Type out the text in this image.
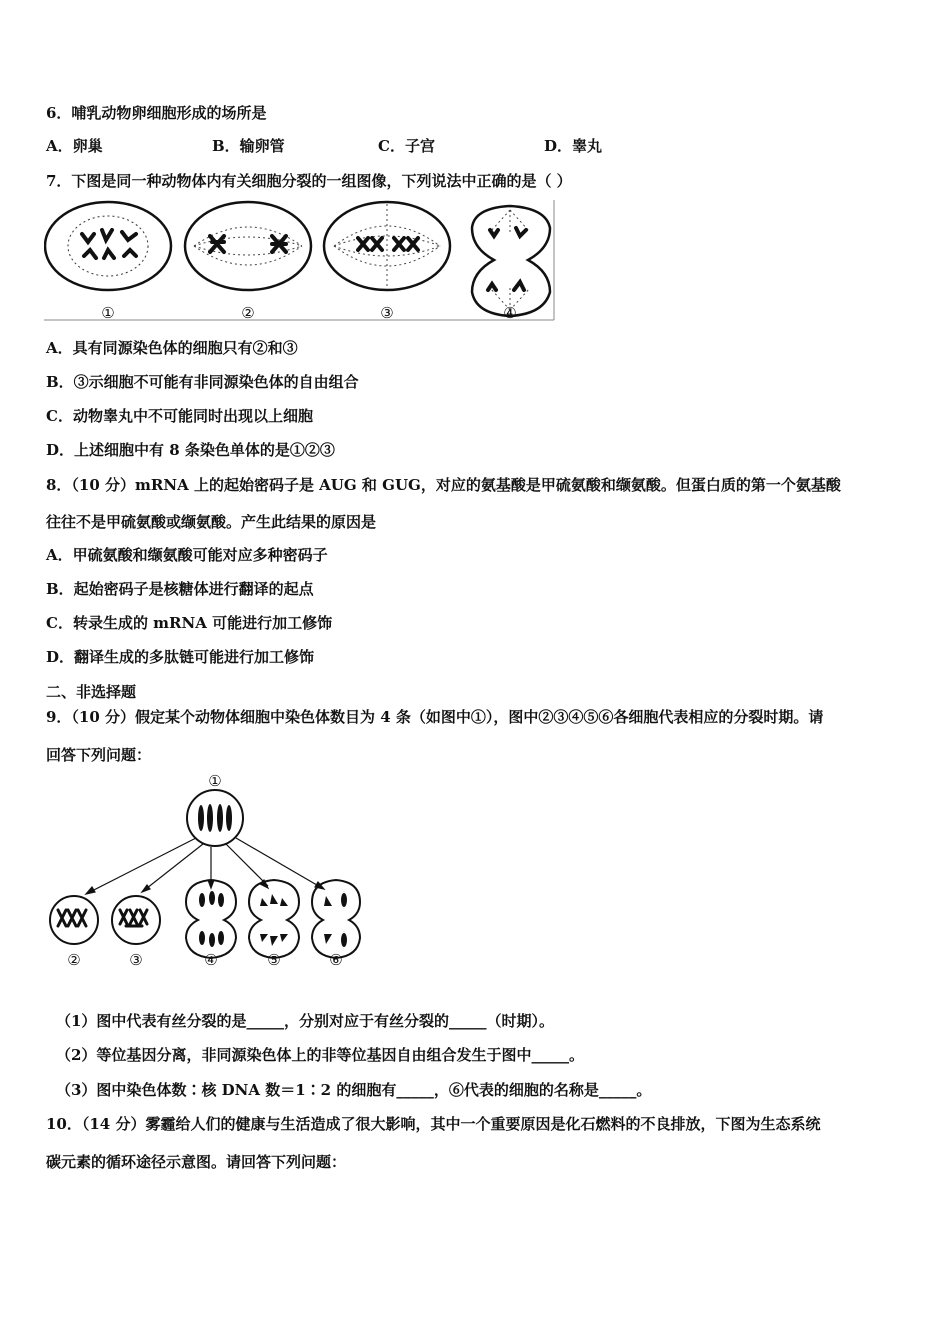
6．哺乳动物卵细胞形成的场所是
A．卵巢	B．输卵管	C．子宫	D．睾丸
7．下图是同一种动物体内有关细胞分裂的一组图像，下列说法中正确的是（ ）
①	②	③	④
A．具有同源染色体的细胞只有②和③
B．③示细胞不可能有非同源染色体的自由组合
C．动物睾丸中不可能同时出现以上细胞
D．上述细胞中有 8 条染色单体的是①②③
8．（10 分）mRNA 上的起始密码子是 AUG 和 GUG，对应的氨基酸是甲硫氨酸和缬氨酸。但蛋白质的第一个氨基酸
往往不是甲硫氨酸或缬氨酸。产生此结果的原因是
A．甲硫氨酸和缬氨酸可能对应多种密码子
B．起始密码子是核糖体进行翻译的起点
C．转录生成的 mRNA 可能进行加工修饰
D．翻译生成的多肽链可能进行加工修饰
二、非选择题
9．（10 分）假定某个动物体细胞中染色体数目为 4 条（如图中①），图中②③④⑤⑥各细胞代表相应的分裂时期。请
回答下列问题：
①
②	③	④	⑤	⑥
（1）图中代表有丝分裂的是_____，分别对应于有丝分裂的_____（时期）。
（2）等位基因分离，非同源染色体上的非等位基因自由组合发生于图中_____。
（3）图中染色体数∶核 DNA 数＝1∶2 的细胞有_____，⑥代表的细胞的名称是_____。
10．（14 分）雾霾给人们的健康与生活造成了很大影响，其中一个重要原因是化石燃料的不良排放，下图为生态系统
碳元素的循环途径示意图。请回答下列问题：
